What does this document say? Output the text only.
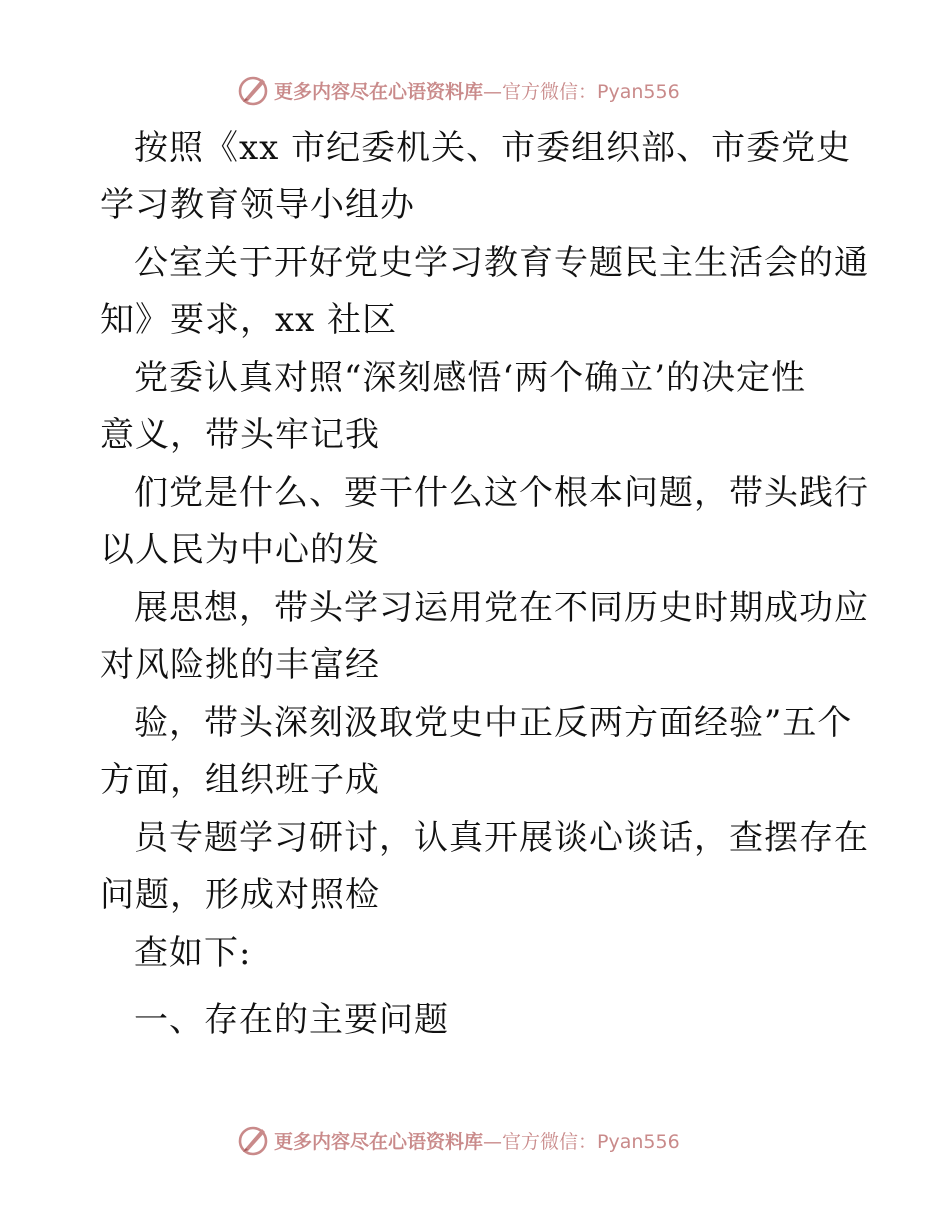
更多内容尽在心语资料库 —官方微信：Pyan556
按照《xx 市纪委机关、市委组织部、市委党史
学习教育领导小组办
公室关于开好党史学习教育专题民主生活会的通
知》要求，xx 社区
党委认真对照“深刻感悟‘两个确立’的决定性
意义，带头牢记我
们党是什么、要干什么这个根本问题，带头践行
以人民为中心的发
展思想，带头学习运用党在不同历史时期成功应
对风险挑的丰富经
验，带头深刻汲取党史中正反两方面经验”五个
方面，组织班子成
员专题学习研讨，认真开展谈心谈话，查摆存在
问题，形成对照检
查如下:
一、存在的主要问题
更多内容尽在心语资料库 —官方微信：Pyan556
